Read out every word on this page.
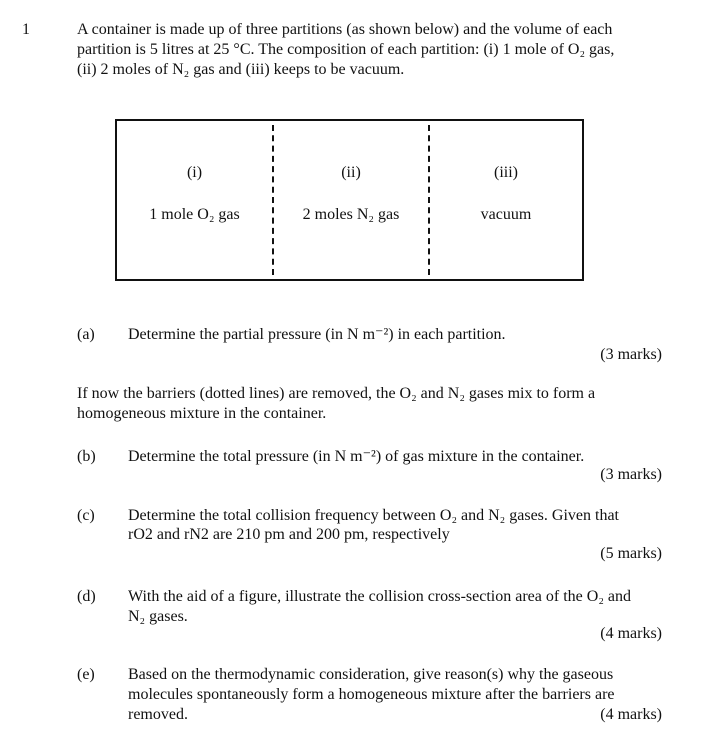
1	A container is made up of three partitions (as shown below) and the volume of each
partition is 5 litres at 25 °C. The composition of each partition: (i) 1 mole of O₂ gas,
(ii) 2 moles of N₂ gas and (iii) keeps to be vacuum.
(i)
1 mole O₂ gas
(ii)
2 moles N₂ gas
(iii)
vacuum
(a) Determine the partial pressure (in N m⁻²) in each partition.
(3 marks)
If now the barriers (dotted lines) are removed, the O₂ and N₂ gases mix to form a
homogeneous mixture in the container.
(b) Determine the total pressure (in N m⁻²) of gas mixture in the container.
(3 marks)
(c) Determine the total collision frequency between O₂ and N₂ gases. Given that
rO2 and rN2 are 210 pm and 200 pm, respectively
(5 marks)
(d) With the aid of a figure, illustrate the collision cross-section area of the O₂ and
N₂ gases.
(4 marks)
(e) Based on the thermodynamic consideration, give reason(s) why the gaseous
molecules spontaneously form a homogeneous mixture after the barriers are
removed.	(4 marks)
